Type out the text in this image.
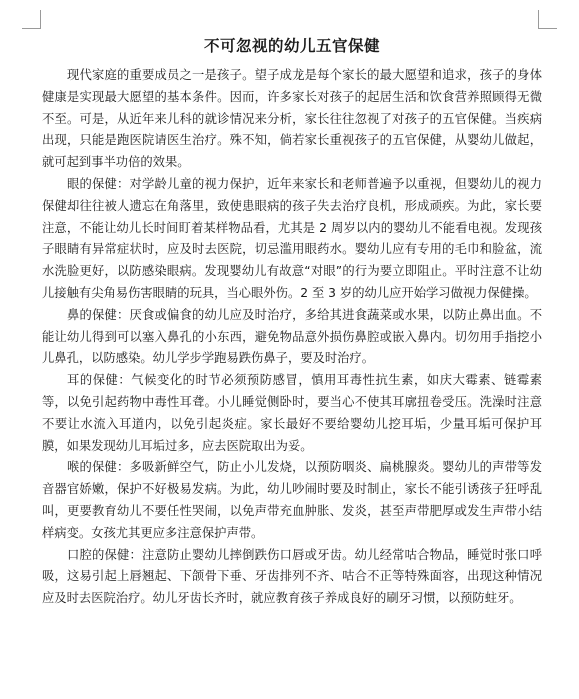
不可忽视的幼儿五官保健

现代家庭的重要成员之一是孩子。望子成龙是每个家长的最大愿望和追求，孩子的身体健康是实现最大愿望的基本条件。因而，许多家长对孩子的起居生活和饮食营养照顾得无微不至。可是，从近年来儿科的就诊情况来分析，家长往往忽视了对孩子的五官保健。当疾病出现，只能是跑医院请医生治疗。殊不知，倘若家长重视孩子的五官保健，从婴幼儿做起，就可起到事半功倍的效果。

眼的保健：对学龄儿童的视力保护，近年来家长和老师普遍予以重视，但婴幼儿的视力保健却往往被人遗忘在角落里，致使患眼病的孩子失去治疗良机，形成顽疾。为此，家长要注意，不能让幼儿长时间盯着某样物品看，尤其是 2 周岁以内的婴幼儿不能看电视。发现孩子眼睛有异常症状时，应及时去医院，切忌滥用眼药水。婴幼儿应有专用的毛巾和脸盆，流水洗脸更好，以防感染眼病。发现婴幼儿有故意“对眼”的行为要立即阻止。平时注意不让幼儿接触有尖角易伤害眼睛的玩具，当心眼外伤。2 至 3 岁的幼儿应开始学习做视力保健操。

鼻的保健：厌食或偏食的幼儿应及时治疗，多给其进食蔬菜或水果，以防止鼻出血。不能让幼儿得到可以塞入鼻孔的小东西，避免物品意外损伤鼻腔或嵌入鼻内。切勿用手指挖小儿鼻孔，以防感染。幼儿学步学跑易跌伤鼻子，要及时治疗。

耳的保健：气候变化的时节必须预防感冒，慎用耳毒性抗生素，如庆大霉素、链霉素等，以免引起药物中毒性耳聋。小儿睡觉侧卧时，要当心不使其耳廓扭卷受压。洗澡时注意不要让水流入耳道内，以免引起炎症。家长最好不要给婴幼儿挖耳垢，少量耳垢可保护耳膜，如果发现幼儿耳垢过多，应去医院取出为妥。

喉的保健：多吸新鲜空气，防止小儿发烧，以预防咽炎、扁桃腺炎。婴幼儿的声带等发音器官娇嫩，保护不好极易发病。为此，幼儿吵闹时要及时制止，家长不能引诱孩子狂呼乱叫，更要教育幼儿不要任性哭闹，以免声带充血肿胀、发炎，甚至声带肥厚或发生声带小结样病变。女孩尤其更应多注意保护声带。

口腔的保健：注意防止婴幼儿摔倒跌伤口唇或牙齿。幼儿经常咕合物品，睡觉时张口呼吸，这易引起上唇翘起、下颌骨下垂、牙齿排列不齐、咕合不正等特殊面容，出现这种情况应及时去医院治疗。幼儿牙齿长齐时，就应教育孩子养成良好的刷牙习惯，以预防蛀牙。
